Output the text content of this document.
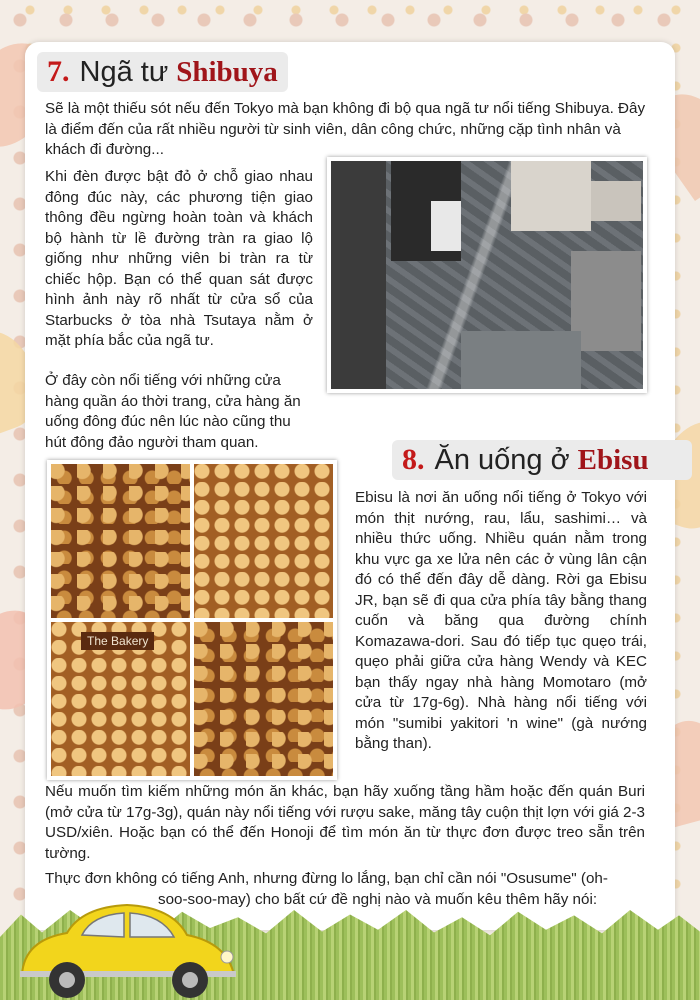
7. Ngã tư Shibuya
Sẽ là một thiếu sót nếu đến Tokyo mà bạn không đi bộ qua ngã tư nổi tiếng Shibuya. Đây là điểm đến của rất nhiều người từ sinh viên, dân công chức, những cặp tình nhân và khách đi đường...
Khi đèn được bật đỏ ở chỗ giao nhau đông đúc này, các phương tiện giao thông đều ngừng hoàn toàn và khách bộ hành từ lề đường tràn ra giao lộ giống như những viên bi tràn ra từ chiếc hộp. Bạn có thể quan sát được hình ảnh này rõ nhất từ cửa sổ của Starbucks ở tòa nhà Tsutaya nằm ở mặt phía bắc của ngã tư.
Ở đây còn nổi tiếng với những cửa hàng quần áo thời trang, cửa hàng ăn uống đông đúc nên lúc nào cũng thu hút đông đảo người tham quan.
8. Ăn uống ở Ebisu
The Bakery
Ebisu là nơi ăn uống nổi tiếng ở Tokyo với món thịt nướng, rau, lẩu, sashimi… và nhiều thức uống. Nhiều quán nằm trong khu vực ga xe lửa nên các ở vùng lân cận đó có thể đến đây dễ dàng. Rời ga Ebisu JR, bạn sẽ đi qua cửa phía tây bằng thang cuốn và băng qua đường chính Komazawa-dori. Sau đó tiếp tục quẹo trái, quẹo phải giữa cửa hàng Wendy và KEC bạn thấy ngay nhà hàng Momotaro (mở cửa từ 17g-6g). Nhà hàng nổi tiếng với món "sumibi yakitori 'n wine" (gà nướng bằng than).
Nếu muốn tìm kiếm những món ăn khác, bạn hãy xuống tầng hầm hoặc đến quán Buri (mở cửa từ 17g-3g), quán này nổi tiếng với rượu sake, măng tây cuộn thịt lợn với giá 2-3 USD/xiên. Hoặc bạn có thể đến Honoji để tìm món ăn từ thực đơn được treo sẵn trên tường.
Thực đơn không có tiếng Anh, nhưng đừng lo lắng, bạn chỉ cần nói "Osusume" (oh-
soo-soo-may) cho bất cứ đề nghị nào và muốn kêu thêm hãy nói:
